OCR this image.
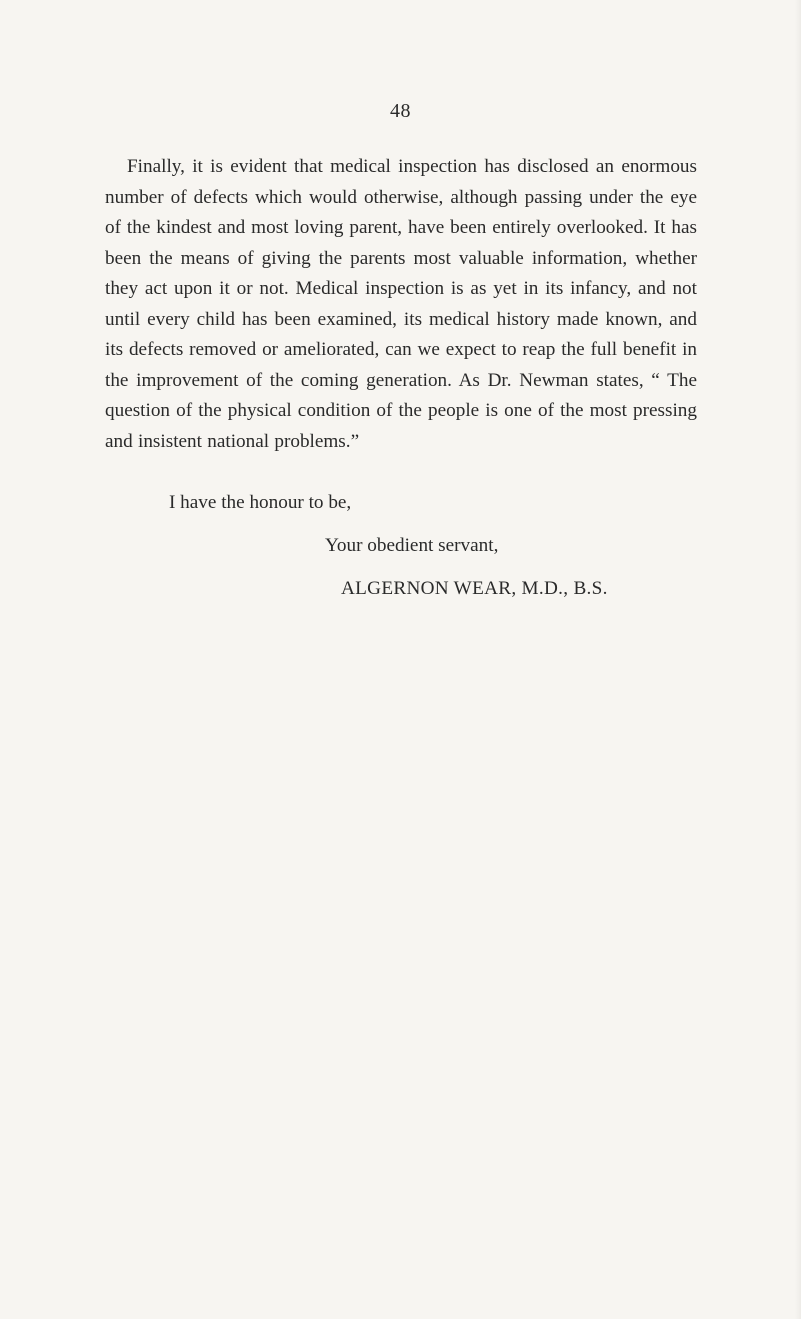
48

Finally, it is evident that medical inspection has disclosed an enormous number of defects which would otherwise, although passing under the eye of the kindest and most loving parent, have been entirely overlooked. It has been the means of giving the parents most valuable information, whether they act upon it or not. Medical inspection is as yet in its infancy, and not until every child has been examined, its medical history made known, and its defects removed or ameliorated, can we expect to reap the full benefit in the improvement of the coming generation. As Dr. Newman states, “ The question of the physical condition of the people is one of the most pressing and insistent national problems.”

I have the honour to be,

Your obedient servant,

ALGERNON WEAR, M.D., B.S.
